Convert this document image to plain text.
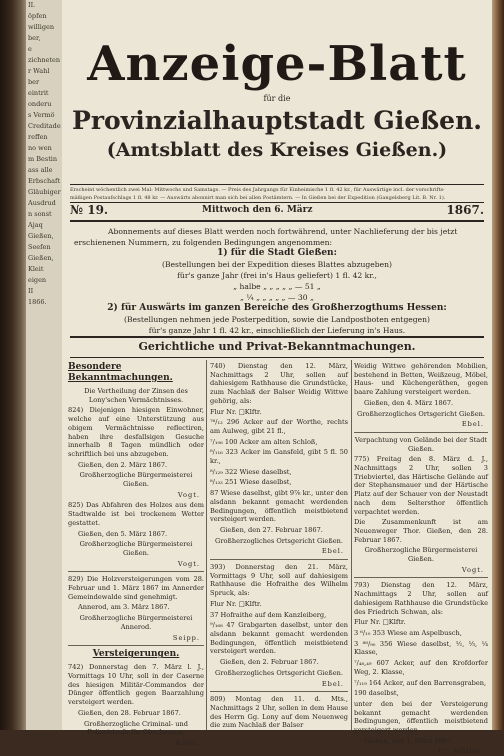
II.
öpfen
willigen
ber,
e
zichneten
r Wahl
ber
eintrit
onderu
s Vermö
Creditade
reffen
no wen
m Bestin
ass alle
Erbschaft
Gläubiger
Ausdrud
n sonst
Ajaq
Gießen,
Seefen
Gießen,
Kleit
eigen
II
1866.
Anzeige-Blatt
für die
Provinzialhauptstadt Gießen.
(Amtsblatt des Kreises Gießen.)
Erscheint wöchentlich zwei Mal: Mittwochs und Samstags. — Preis des Jahrgangs für Einheimische 1 fl. 42 kr., für Auswärtige incl. der vorschrifts-
mäßigen Postaufschlags 1 fl. 48 kr. — Auswärts abonnirt man sich bei allen Postämtern. — In Gießen bei der Expedition (Gangelsberg Lit. B. Nr. 1).
№ 19.	Mittwoch den 6. März	1867.
Abonnements auf dieses Blatt werden noch fortwährend, unter Nachlieferung der bis jetzt erschienenen Nummern, zu folgenden Bedingungen angenommen:
1) für die Stadt Gießen:
(Bestellungen bei der Expedition dieses Blattes abzugeben)
für's ganze Jahr (frei in's Haus geliefert) 1 fl. 42 kr.,
„ halbe „ „ „ „ „ — 51 „
„ ¼ „ „ „ „ „ — 30 „
2) für Auswärts im ganzen Bereiche des Großherzogthums Hessen:
(Bestellungen nehmen jede Posterpedition, sowie die Landpostboten entgegen)
für's ganze Jahr 1 fl. 42 kr., einschließlich der Lieferung in's Haus.
Gerichtliche und Privat-Bekanntmachungen.

Besondere Bekanntmachungen.

Die Vertheilung der Zinsen des Lony'schen Vermächtnisses.

824) Diejenigen hiesigen Einwohner, welche auf eine Unterstützung aus obigem Vermächtnisse reflectiren, haben ihre desfallsigen Gesuche innerhalb 8 Tagen mündlich oder schriftlich bei uns abzugeben.

Gießen, den 2. März 1867.

Großherzogliche Bürgermeisterei Gießen.

Vogt.

825) Das Abfahren des Holzes aus dem Stadtwalde ist bei trockenem Wetter gestattet.

Gießen, den 5. März 1867.

Großherzogliche Bürgermeisterei Gießen.

Vogt.

829) Die Holzversteigerungen vom 28. Februar und 1. März 1867 im Annerder Gemeindewalde sind genehmigt.

Annerod, am 3. März 1867.

Großherzogliche Bürgermeisterei Annerod.

Seipp.

Versteigerungen.

742) Donnerstag den 7. März l. J., Vormittags 10 Uhr, soll in der Caserne des hiesigen Militär-Commandos der Dünger öffentlich gegen Baarzahlung versteigert werden.

Gießen, den 28. Februar 1867.

Großherzogliche Criminal- und Polizeistrafe für Oberhessen.

Keim.

740) Dienstag den 12. März, Nachmittags 2 Uhr, sollen auf dahiesigem Rathhause die Grundstücke, zum Nachlaß der Balser Weidig Wittwe gehörig, als:

Flur Nr. □Klftr.

⁷⁶/₁₂ 296 Acker auf der Worthe, rechts am Aulweg, gibt 21 fl.,

⁷/₁₀₆ 100 Acker am alten Schloß,

⁸/₁₁₆ 323 Acker im Gansfeld, gibt 5 fl. 50 kr.,

⁸/₁₂₉ 322 Wiese daselbst,

⁸/₁₃₃ 251 Wiese daselbst,

87 Wiese daselbst, gibt 9⅞ kr., unter den alsdann bekannt gemacht werdenden Bedingungen, öffentlich meistbietend versteigert werden.

Gießen, den 27. Februar 1867.

Großherzogliches Ortsgericht Gießen.

Ebel.

393) Donnerstag den 21. März, Vormittags 9 Uhr, soll auf dahiesigem Rathhause die Hofraithe des Wilhelm Spruck, als:

Flur Nr. □Klftr.

37 Hofraithe auf dem Kanzleiberg,

⁹/₁₆₈ 47 Grabgarten daselbst, unter den alsdann bekannt gemacht werdenden Bedingungen, öffentlich meistbietend versteigert werden.

Gießen, den 2. Februar 1867.

Großherzogliches Ortsgericht Gießen.

Ebel.

809) Montag den 11. d. Mts., Nachmittags 2 Uhr, sollen in dem Hause des Herrn Gg. Lony auf dem Neuenweg die zum Nachlaß der Balser

Weidig Wittwe gehörenden Mobilien, bestehend in Betten, Weißzeug, Möbel, Haus- und Küchengeräthen, gegen baare Zahlung versteigert werden.

Gießen, den 4. März 1867.

Großherzogliches Ortsgericht Gießen.

Ebel.

Verpachtung von Gelände bei der Stadt Gießen.

775) Freitag den 8. März d. J., Nachmittags 2 Uhr, sollen 3 Triebviertel, das Härtische Gelände auf der Stephansmauer und der Härtische Platz auf der Schauer von der Neustadt nach dem Seltersthor öffentlich verpachtet werden.

Die Zusammenkunft ist am Neuenweger Thor. Gießen, den 28. Februar 1867.

Großherzogliche Bürgermeisterei Gießen.

Vogt.

793) Dienstag den 12. März, Nachmittags 2 Uhr, sollen auf dahiesigem Rathhause die Grundstücke des Friedrich Schwan, als:

Flur Nr. □Klftr.

3 ⁶/₁₀ 353 Wiese am Aspelbusch,

3 ⁸⁸/₉₀ 356 Wiese daselbst, ½, ⅓, ¼ Klasse,

⁷/₄₈,₄₉ 607 Acker, auf den Krofdorfer Weg, 2. Klasse,

⁷/₁₁₉ 164 Acker, auf den Barrensgraben,

190 daselbst,

unter den bei der Versteigerung bekannt gemacht werdenden Bedingungen, öffentlich meistbietend versteigert werden.

Gießen, den 1. März 1867.

Fr. Müller.
